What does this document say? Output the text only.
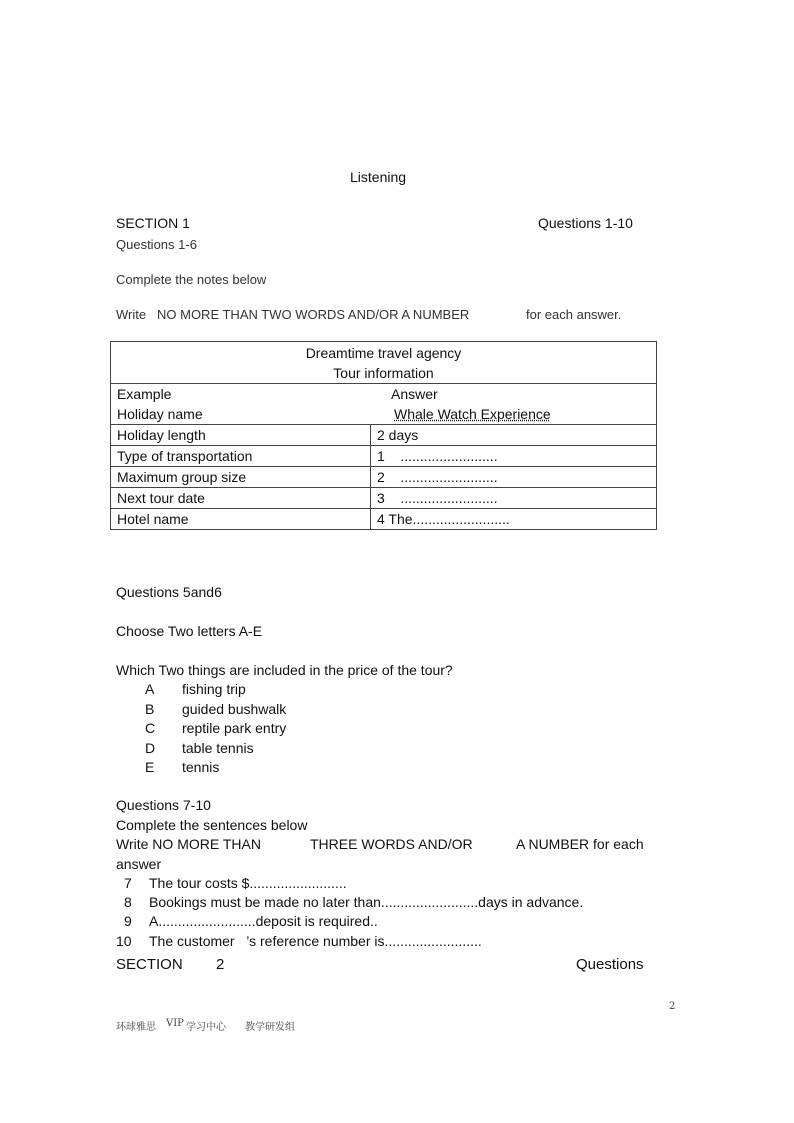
Listening
SECTION 1	Questions 1-10
Questions 1-6
Complete the notes below
Write NO MORE THAN TWO WORDS AND/OR A NUMBER	for each answer.
Dreamtime travel agency
Tour information	

Example Answer
Holiday name Whale Watch Experience	

Holiday length	2 days
Type of transportation	1    .........................
Maximum group size	2    .........................
Next tour date	3    .........................
Hotel name	4 The.........................
Questions 5and6
Choose Two letters A-E
Which Two things are included in the price of the tour?
A fishing trip
B guided bushwalk
C reptile park entry
D table tennis
E tennis
Questions 7-10
Complete the sentences below
Write NO MORE THAN	THREE WORDS AND/OR	A NUMBER for each
answer
7 The tour costs $.........................
8 Bookings must be made no later than.........................days in advance.
9 A.........................deposit is required..
10 The customer   ’s reference number is.........................
SECTION 2	Questions
2
环球雅思 VIP 学习中心 教学研发组
